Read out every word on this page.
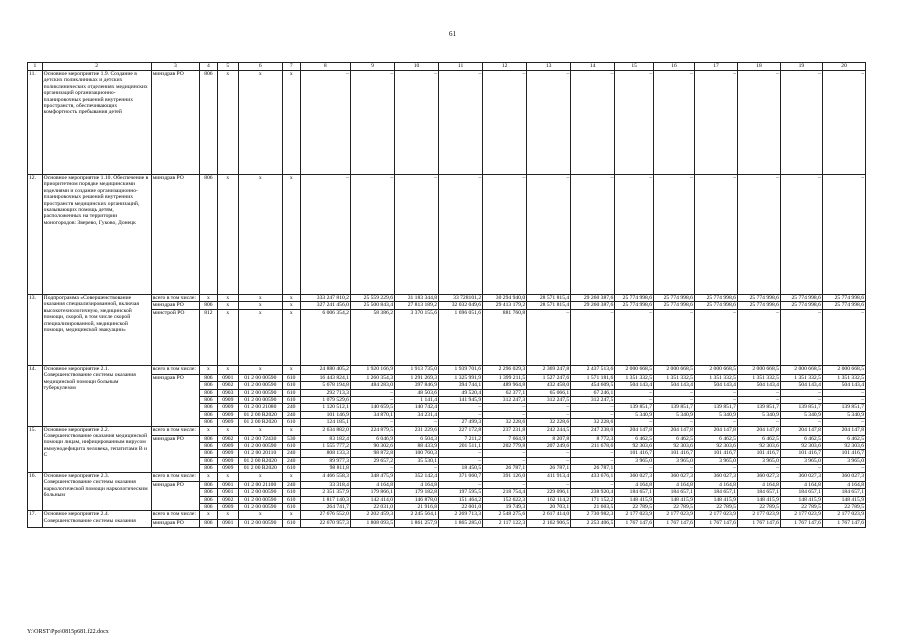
61
1	2	3	4	5	6	7	8	9	10	11	12	13	14	15	16	17	18	19	20
11.	Основное мероприятие 1.9. Создание в детских поликлиниках и детских поликлинических отделениях медицинских организаций организационно-планировочных решений внутренних пространств, обеспечивающих комфортность пребывания детей	минздрав РО	806	х	х	х	–	–	–	–	–	–	–	–	–	–	–	–	–
12.	Основное мероприятие 1.10. Обеспечение в приоритетном порядке медицинскими изделиями и создание организационно-планировочных решений внутренних пространств медицинских организаций, оказывающих помощь детям, расположенных на территории моногородов: Зверево, Гуково, Донецк	минздрав РО	806	х	х	х	–	–	–	–	–	–	–	–	–	–	–	–	–
13.	Подпрограмма «Совершенствование оказания специализированной, включая высокотехнологичную, медицинской помощи, скорой, в том числе скорой специализированной, медицинской помощи, медицинской эвакуации»	всего в том числе:	х	х	х	х	333 247 810,2	25 559 229,6	31 183 344,8	33 728101,2	30 294 940,0	28 571 815,4	29 260 387,6	25 774 998,6	25 774 998,6	25 774 998,6	25 774 998,6	25 774 998,6	25 774 998,6
		минздрав РО	806	х	х	х	327 241 456,0	25 500 843,4	27 813 189,2	32 032 049,6	29 413 179,2	28 571 815,4	29 260 387,6	25 774 998,6	25 774 998,6	25 774 998,6	25 774 998,6	25 774 998,6	25 774 998,6
		минстрой РО	812	х	х	х	6 006 354,2	58 386,2	3 370 155,6	1 696 051,6	881 760,8	–	–	–	–	–	–	–	–
14.	Основное мероприятие 2.1. Совершенствование системы оказания медицинской помощи больным туберкулезом	всего в том числе:	х	х	х	х	24 880 405,2	1 920 166,9	1 913 735,0	1 939 701,6	2 296 029,3	2 369 247,8	2 437 513,6	2 000 668,5	2 000 668,5	2 000 668,5	2 000 668,5	2 000 668,5	2 000 668,5
		минздрав РО	806	0901	01 2 00 00590	610	16 443 824,1	1 260 354,3	1 291 269,3	1 325 991,9	1 399 211,5	1 527 247,6	1 571 181,6	1 351 332,5	1 351 332,5	1 351 332,5	1 351 332,5	1 351 332,5	1 351 332,5
			806	0902	01 2 00 00590	610	5 678 194,8	484 283,0	397 846,9	394 744,1	489 964,8	432 458,0	454 609,5	504 143,4	504 143,4	504 143,4	504 143,4	504 143,4	504 143,4
			806	0903	01 2 00 00590	610	292 713,3	–	48 503,6	49 520,4	62 377,1	65 066,1	67 246,1	–	–	–	–	–	–
			806	0909	01 2 00 00590	610	1 079 529,6	–	1 141,4	141 945,9	312 247,3	312 247,5	312 247,5	–	–	–	–	–	–
			806	0909	01 2 00 21080	240	1 120 512,1	140 659,5	140 742,4	–	–	–	–	139 851,7	139 851,7	139 851,7	139 851,7	139 851,7	139 851,7
			806	0909	01 2 00 R2020	240	101 146,9	34 870,1	34 231,4	–	–	–	–	5 340,9	5 340,9	5 340,9	5 340,9	5 340,9	5 340,9
			806	0909	01 2 00 R2020	610	124 185,1	–	–	27 499,3	32 228,6	32 228,6	32 228,6	–	–	–	–	–	–
15.	Основное мероприятие 2.2. Совершенствование оказания медицинской помощи лицам, инфицированным вирусом иммунодефицита человека, гепатитами В и С	всего в том числе:	х	х	х	х	2 634 882,0	224 879,5	231 229,6	227 172,8	237 231,8	242 244,5	247 238,0	204 147,8	204 147,8	204 147,8	204 147,8	204 147,8	204 147,8
		минздрав РО	806	0902	01 2 00 72430	530	83 182,4	6 046,9	6 504,3	7 211,2	7 664,9	8 207,8	8 772,3	6 462,5	6 462,5	6 462,5	6 462,5	6 462,5	6 462,5
			806	0909	01 2 00 00590	610	1 555 777,2	90 302,6	88 433,9	201 511,1	202 779,8	207 249,6	211 678,6	92 303,6	92 303,6	92 303,6	92 303,6	92 303,6	92 303,6
			806	0909	01 2 00 20110	240	808 133,3	98 872,8	100 760,3	–	–	–	–	101 416,7	101 416,7	101 416,7	101 416,7	101 416,7	101 416,7
			806	0909	01 2 00 R2020	240	89 977,3	29 657,2	35 530,1	–	–	–	–	3 965,0	3 965,0	3 965,0	3 965,0	3 965,0	3 965,0
			806	0909	01 2 00 R2020	610	98 811,8	–	–	18 450,5	26 787,1	26 787,1	26 787,1	–	–	–	–	–	–
16.	Основное мероприятие 2.3. Совершенствование системы оказания наркологической помощи наркологическим больным	всего в том числе:	х	х	х	х	4 466 558,3	348 475,9	352 142,4	371 060,7	391 126,0	411 913,4	433 676,1	360 027,3	360 027,3	360 027,3	360 027,3	360 027,3	360 027,3
		минздрав РО	806	0901	01 2 00 21100	240	33 318,4	4 164,8	4 164,8	–	–	–	–	4 164,8	4 164,8	4 164,8	4 164,8	4 164,8	4 164,8
			806	0901	01 2 00 00590	610	2 351 357,9	179 866,1	179 182,8	197 595,5	218 754,4	229 096,1	238 920,4	184 657,1	184 657,1	184 657,1	184 657,1	184 657,1	184 657,1
			806	0902	01 2 00 00590	610	1 817 140,3	142 414,0	146 878,0	151 464,2	152 622,3	162 114,2	171 152,2	148 415,9	148 415,9	148 415,9	148 415,9	148 415,9	148 415,9
			806	0909	01 2 00 00590	610	264 741,7	22 031,0	21 916,8	22 001,0	19 749,3	20 703,1	21 603,5	22 789,5	22 789,5	22 789,5	22 789,5	22 789,5	22 789,5
17.	Основное мероприятие 2.4. Совершенствование системы оказания	всего в том числе:	х	х	х	х	27 676 552,0	2 202 459,3	2 245 564,1	2 269 713,3	2 548 275,6	2 617 414,0	2 730 982,3	2 177 023,9	2 177 023,9	2 177 023,9	2 177 023,9	2 177 023,9	2 177 023,9
		минздрав РО	806	0901	01 2 00 00590	610	22 670 957,3	1 808 093,5	1 861 257,9	1 865 285,0	2 117 122,3	2 162 906,5	2 253 406,5	1 767 147,6	1 767 147,6	1 767 147,6	1 767 147,6	1 767 147,6	1 767 147,6
Y:\ORST\Ppo\0815p681.f22.docx
